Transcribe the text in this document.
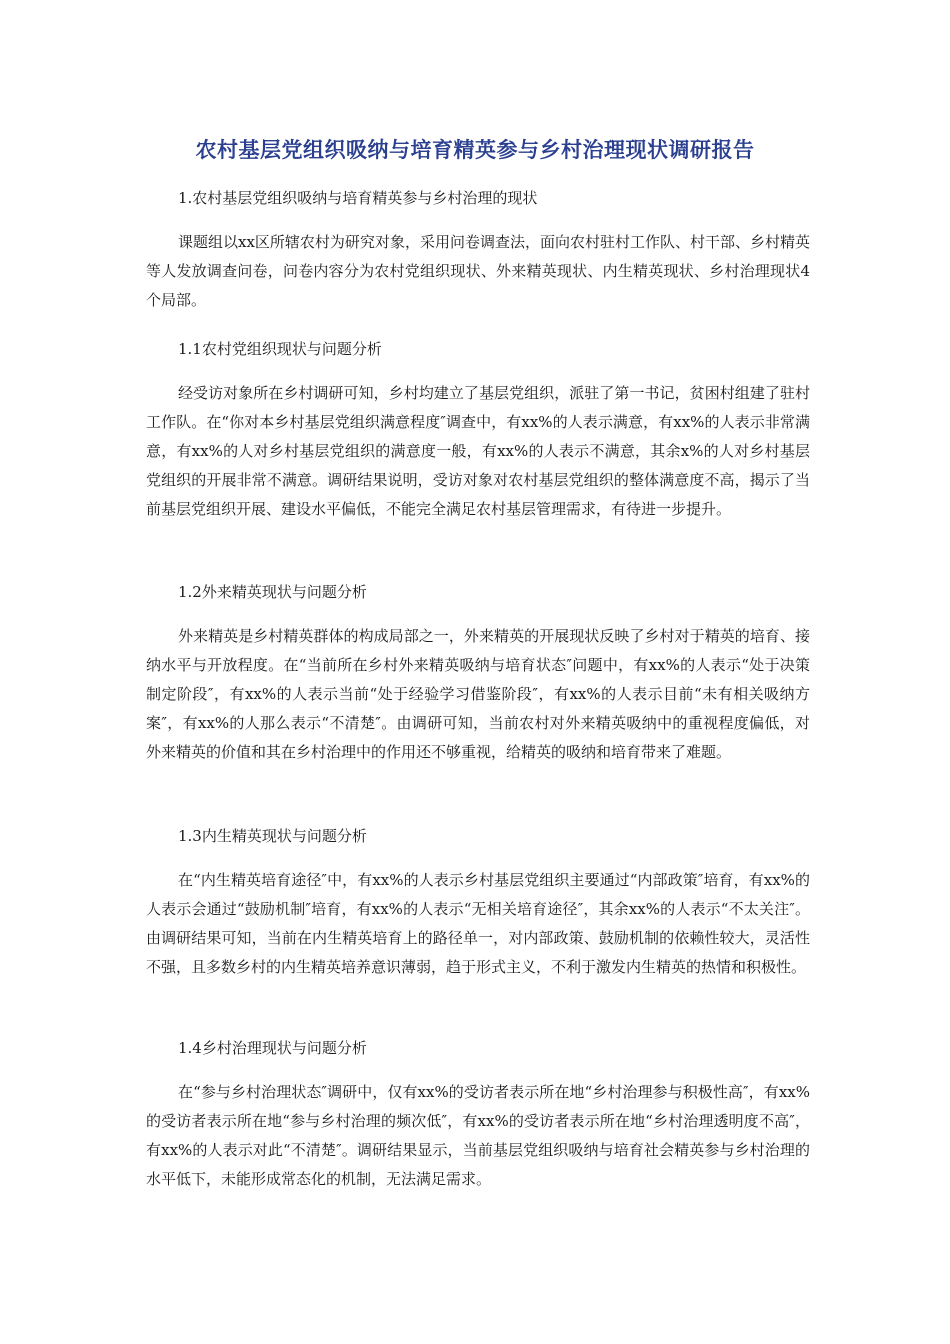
农村基层党组织吸纳与培育精英参与乡村治理现状调研报告
1.农村基层党组织吸纳与培育精英参与乡村治理的现状
课题组以xx区所辖农村为研究对象，采用问卷调查法，面向农村驻村工作队、村干部、乡村精英等人发放调查问卷，问卷内容分为农村党组织现状、外来精英现状、内生精英现状、乡村治理现状4个局部。
1.1农村党组织现状与问题分析
经受访对象所在乡村调研可知，乡村均建立了基层党组织，派驻了第一书记，贫困村组建了驻村工作队。在“你对本乡村基层党组织满意程度″调查中，有xx%的人表示满意，有xx%的人表示非常满意，有xx%的人对乡村基层党组织的满意度一般，有xx%的人表示不满意，其余x%的人对乡村基层党组织的开展非常不满意。调研结果说明，受访对象对农村基层党组织的整体满意度不高，揭示了当前基层党组织开展、建设水平偏低，不能完全满足农村基层管理需求，有待进一步提升。
1.2外来精英现状与问题分析
外来精英是乡村精英群体的构成局部之一，外来精英的开展现状反映了乡村对于精英的培育、接纳水平与开放程度。在“当前所在乡村外来精英吸纳与培育状态″问题中，有xx%的人表示“处于决策制定阶段″，有xx%的人表示当前“处于经验学习借鉴阶段″，有xx%的人表示目前“未有相关吸纳方案″，有xx%的人那么表示“不清楚″。由调研可知，当前农村对外来精英吸纳中的重视程度偏低，对外来精英的价值和其在乡村治理中的作用还不够重视，给精英的吸纳和培育带来了难题。
1.3内生精英现状与问题分析
在“内生精英培育途径″中，有xx%的人表示乡村基层党组织主要通过“内部政策″培育，有xx%的人表示会通过“鼓励机制″培育，有xx%的人表示“无相关培育途径″，其余xx%的人表示“不太关注″。由调研结果可知，当前在内生精英培育上的路径单一，对内部政策、鼓励机制的依赖性较大，灵活性不强，且多数乡村的内生精英培养意识薄弱，趋于形式主义，不利于激发内生精英的热情和积极性。
1.4乡村治理现状与问题分析
在“参与乡村治理状态″调研中，仅有xx%的受访者表示所在地“乡村治理参与积极性高″，有xx%的受访者表示所在地“参与乡村治理的频次低″，有xx%的受访者表示所在地“乡村治理透明度不高″，有xx%的人表示对此“不清楚″。调研结果显示，当前基层党组织吸纳与培育社会精英参与乡村治理的水平低下，未能形成常态化的机制，无法满足需求。
